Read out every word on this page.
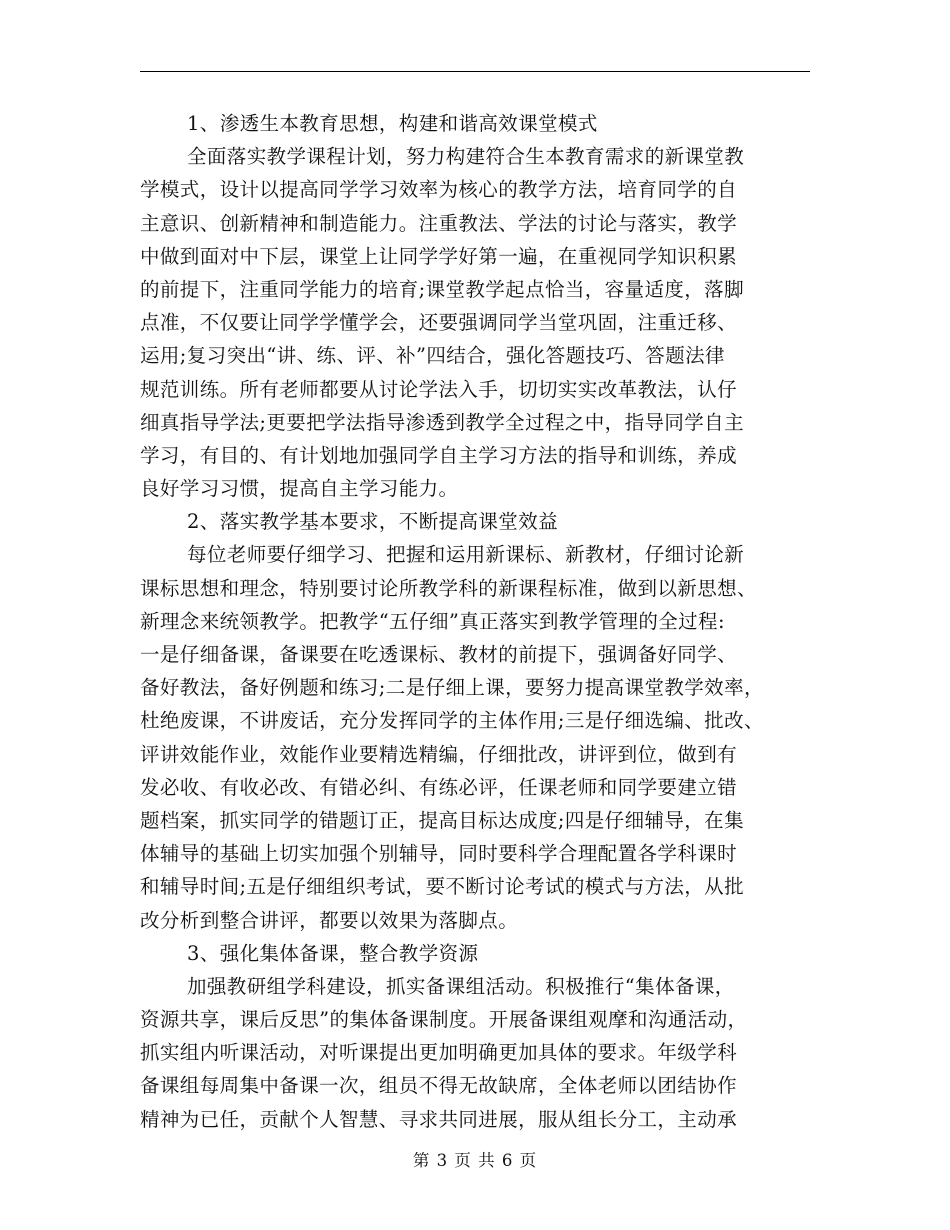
1、渗透生本教育思想，构建和谐高效课堂模式
全面落实教学课程计划，努力构建符合生本教育需求的新课堂教
学模式，设计以提高同学学习效率为核心的教学方法，培育同学的自
主意识、创新精神和制造能力。注重教法、学法的讨论与落实，教学
中做到面对中下层，课堂上让同学学好第一遍，在重视同学知识积累
的前提下，注重同学能力的培育;课堂教学起点恰当，容量适度，落脚
点准，不仅要让同学学懂学会，还要强调同学当堂巩固，注重迁移、
运用;复习突出“讲、练、评、补”四结合，强化答题技巧、答题法律
规范训练。所有老师都要从讨论学法入手，切切实实改革教法，认仔
细真指导学法;更要把学法指导渗透到教学全过程之中，指导同学自主
学习，有目的、有计划地加强同学自主学习方法的指导和训练，养成
良好学习习惯，提高自主学习能力。
2、落实教学基本要求，不断提高课堂效益
每位老师要仔细学习、把握和运用新课标、新教材，仔细讨论新
课标思想和理念，特别要讨论所教学科的新课程标准，做到以新思想、
新理念来统领教学。把教学“五仔细”真正落实到教学管理的全过程:
一是仔细备课，备课要在吃透课标、教材的前提下，强调备好同学、
备好教法，备好例题和练习;二是仔细上课，要努力提高课堂教学效率，
杜绝废课，不讲废话，充分发挥同学的主体作用;三是仔细选编、批改、
评讲效能作业，效能作业要精选精编，仔细批改，讲评到位，做到有
发必收、有收必改、有错必纠、有练必评，任课老师和同学要建立错
题档案，抓实同学的错题订正，提高目标达成度;四是仔细辅导，在集
体辅导的基础上切实加强个别辅导，同时要科学合理配置各学科课时
和辅导时间;五是仔细组织考试，要不断讨论考试的模式与方法，从批
改分析到整合讲评，都要以效果为落脚点。
3、强化集体备课，整合教学资源
加强教研组学科建设，抓实备课组活动。积极推行“集体备课，
资源共享，课后反思”的集体备课制度。开展备课组观摩和沟通活动，
抓实组内听课活动，对听课提出更加明确更加具体的要求。年级学科
备课组每周集中备课一次，组员不得无故缺席，全体老师以团结协作
精神为已任，贡献个人智慧、寻求共同进展，服从组长分工，主动承
第 3 页 共 6 页
